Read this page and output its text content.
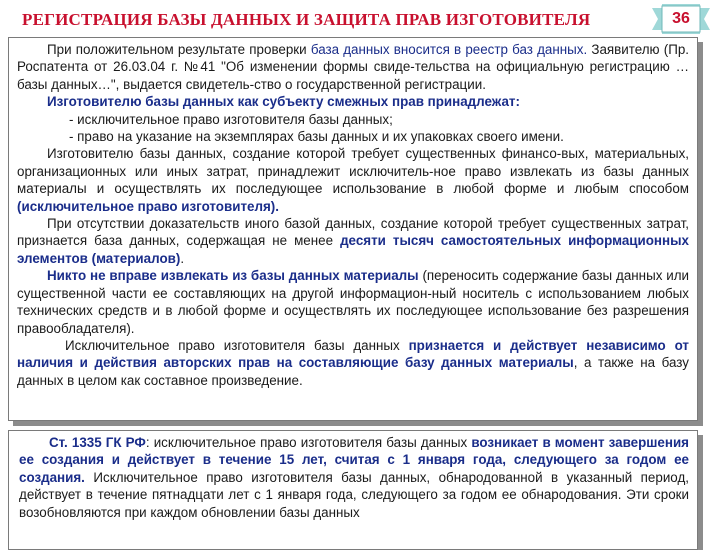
РЕГИСТРАЦИЯ БАЗЫ ДАННЫХ И ЗАЩИТА ПРАВ ИЗГОТОВИТЕЛЯ	36

При положительном результате проверки база данных вносится в реестр баз данных. Заявителю (Пр. Роспатента от 26.03.04 г. №41 "Об изменении формы свиде-тельства на официальную регистрацию … базы данных…", выдается свидетель-ство о государственной регистрации.

Изготовителю базы данных как субъекту смежных прав принадлежат:

- исключительное право изготовителя базы данных;

- право на указание на экземплярах базы данных и их упаковках своего имени.

Изготовителю базы данных, создание которой требует существенных финансо-вых, материальных, организационных или иных затрат, принадлежит исключитель-ное право извлекать из базы данных материалы и осуществлять их последующее использование в любой форме и любым способом (исключительное право изготовителя).

При отсутствии доказательств иного базой данных, создание которой требует существенных затрат, признается база данных, содержащая не менее десяти тысяч самостоятельных информационных элементов (материалов).

Никто не вправе извлекать из базы данных материалы (переносить содержание базы данных или существенной части ее составляющих на другой информацион-ный носитель с использованием любых технических средств и в любой форме и осуществлять их последующее использование без разрешения правообладателя).

Исключительное право изготовителя базы данных признается и действует независимо от наличия и действия авторских прав на составляющие базу данных материалы, а также на базу данных в целом как составное произведение.

Ст. 1335 ГК РФ: исключительное право изготовителя базы данных возникает в момент завершения ее создания и действует в течение 15 лет, считая с 1 января года, следующего за годом ее создания. Исключительное право изготовителя базы данных, обнародованной в указанный период, действует в течение пятнадцати лет с 1 января года, следующего за годом ее обнародования. Эти сроки возобновляются при каждом обновлении базы данных
